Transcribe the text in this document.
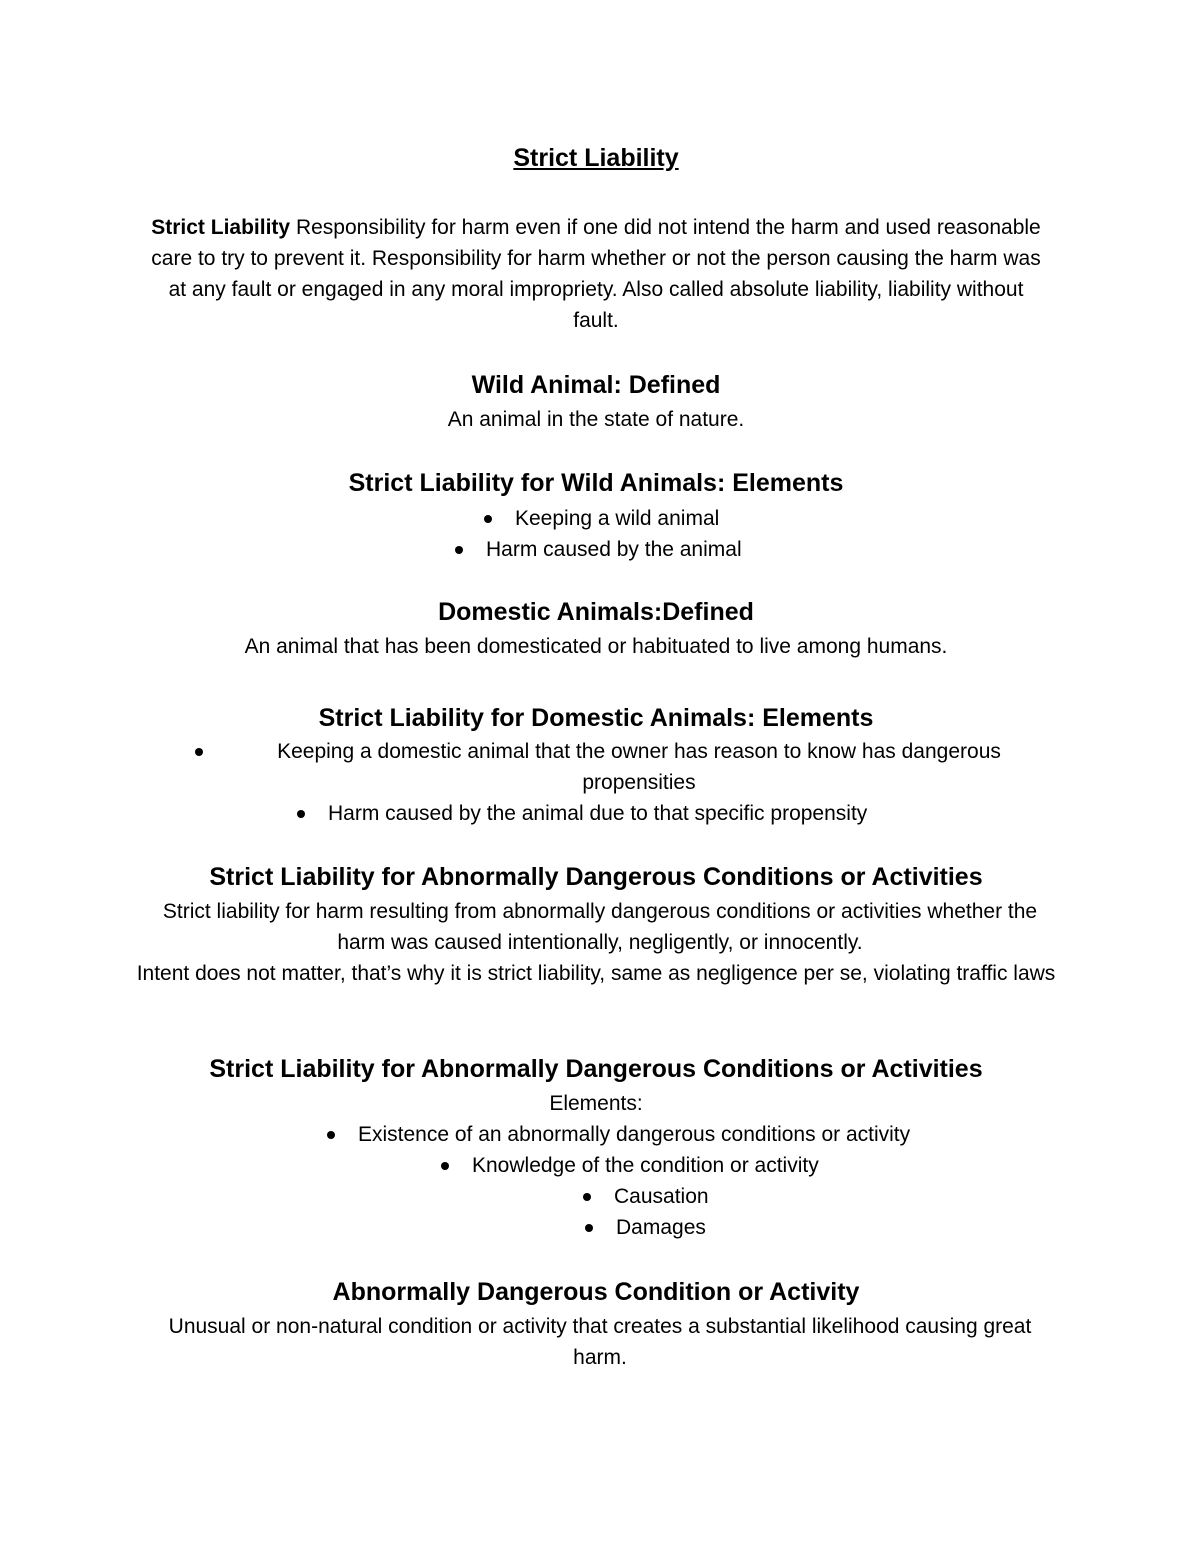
Strict Liability

Strict Liability Responsibility for harm even if one did not intend the harm and used reasonable care to try to prevent it. Responsibility for harm whether or not the person causing the harm was at any fault or engaged in any moral impropriety. Also called absolute liability, liability without fault.

Wild Animal: Defined
An animal in the state of nature.
Strict Liability for Wild Animals: Elements
Keeping a wild animal
Harm caused by the animal
Domestic Animals:Defined
An animal that has been domesticated or habituated to live among humans.
Strict Liability for Domestic Animals: Elements
Keeping a domestic animal that the owner has reason to know has dangerous propensities
Harm caused by the animal due to that specific propensity
Strict Liability for Abnormally Dangerous Conditions or Activities
Strict liability for harm resulting from abnormally dangerous conditions or activities whether the harm was caused intentionally, negligently, or innocently.
Intent does not matter, that’s why it is strict liability, same as negligence per se, violating traffic laws
Strict Liability for Abnormally Dangerous Conditions or Activities
Elements:
Existence of an abnormally dangerous conditions or activity
Knowledge of the condition or activity
Causation
Damages
Abnormally Dangerous Condition or Activity
Unusual or non-natural condition or activity that creates a substantial likelihood causing great harm.
